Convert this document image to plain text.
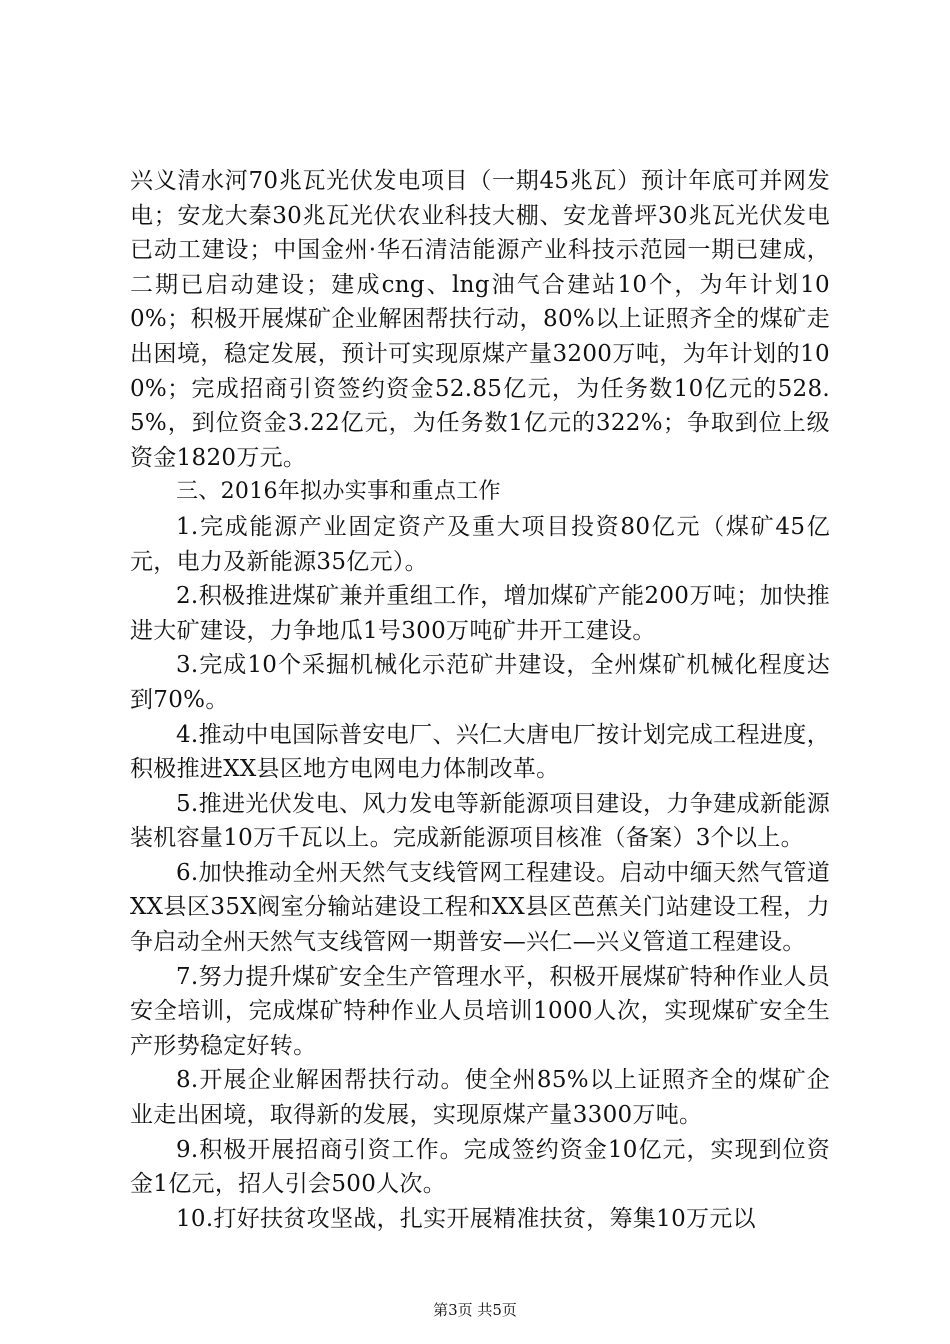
兴义清水河70兆瓦光伏发电项目（一期45兆瓦）预计年底可并网发电；安龙大秦30兆瓦光伏农业科技大棚、安龙普坪30兆瓦光伏发电已动工建设；中国金州·华石清洁能源产业科技示范园一期已建成，二期已启动建设；建成cng、lng油气合建站10个，为年计划100%；积极开展煤矿企业解困帮扶行动，80%以上证照齐全的煤矿走出困境，稳定发展，预计可实现原煤产量3200万吨，为年计划的100%；完成招商引资签约资金52.85亿元，为任务数10亿元的528.5%，到位资金3.22亿元，为任务数1亿元的322%；争取到位上级资金1820万元。

三、2016年拟办实事和重点工作

1.完成能源产业固定资产及重大项目投资80亿元（煤矿45亿元，电力及新能源35亿元）。

2.积极推进煤矿兼并重组工作，增加煤矿产能200万吨；加快推进大矿建设，力争地瓜1号300万吨矿井开工建设。

3.完成10个采掘机械化示范矿井建设，全州煤矿机械化程度达到70%。

4.推动中电国际普安电厂、兴仁大唐电厂按计划完成工程进度，积极推进XX县区地方电网电力体制改革。

5.推进光伏发电、风力发电等新能源项目建设，力争建成新能源装机容量10万千瓦以上。完成新能源项目核准（备案）3个以上。

6.加快推动全州天然气支线管网工程建设。启动中缅天然气管道XX县区35X阀室分输站建设工程和XX县区芭蕉关门站建设工程，力争启动全州天然气支线管网一期普安—兴仁—兴义管道工程建设。

7.努力提升煤矿安全生产管理水平，积极开展煤矿特种作业人员安全培训，完成煤矿特种作业人员培训1000人次，实现煤矿安全生产形势稳定好转。

8.开展企业解困帮扶行动。使全州85%以上证照齐全的煤矿企业走出困境，取得新的发展，实现原煤产量3300万吨。

9.积极开展招商引资工作。完成签约资金10亿元，实现到位资金1亿元，招人引会500人次。

10.打好扶贫攻坚战，扎实开展精准扶贫，筹集10万元以

第3页 共5页
